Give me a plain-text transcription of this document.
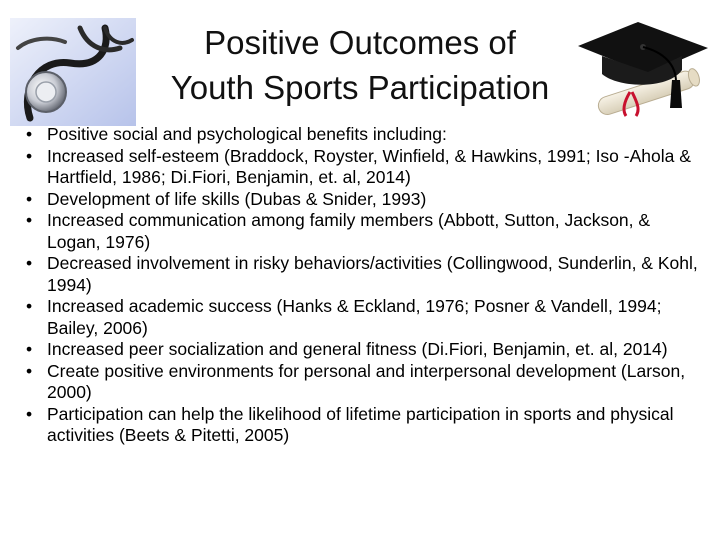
Positive Outcomes of
Youth Sports Participation
• Positive social and psychological benefits including:
• Increased self-esteem (Braddock, Royster, Winfield, & Hawkins, 1991; Iso -Ahola & Hartfield, 1986; Di.Fiori, Benjamin, et. al, 2014)
• Development of life skills (Dubas & Snider, 1993)
• Increased communication among family members (Abbott, Sutton, Jackson, & Logan, 1976)
• Decreased involvement in risky behaviors/activities (Collingwood, Sunderlin, & Kohl, 1994)
• Increased academic success (Hanks & Eckland, 1976; Posner & Vandell, 1994; Bailey, 2006)
• Increased peer socialization and general fitness (Di.Fiori, Benjamin, et. al, 2014)
• Create positive environments for personal and interpersonal development (Larson, 2000)
• Participation can help the likelihood of lifetime participation in sports and physical activities (Beets & Pitetti, 2005)
